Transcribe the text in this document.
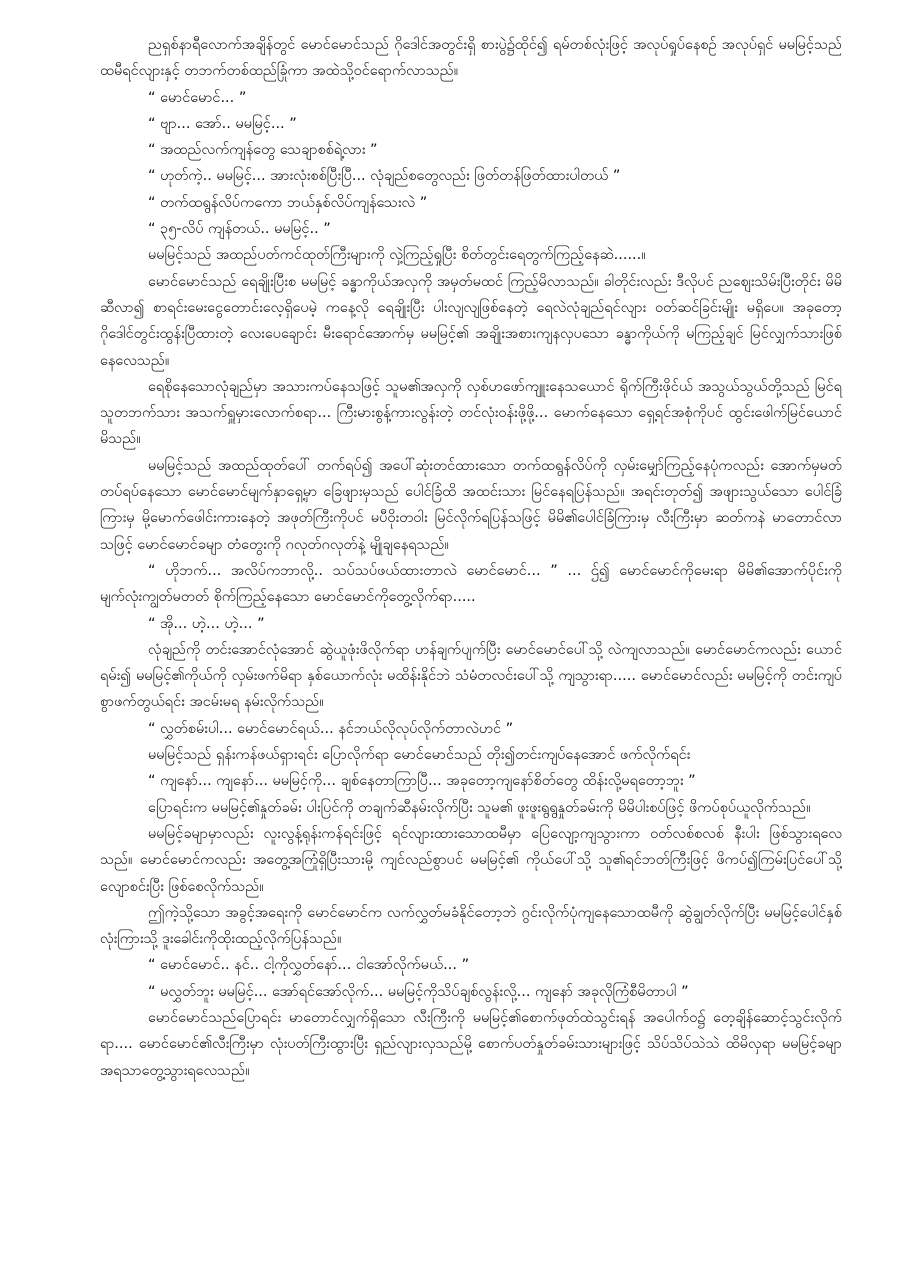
ညရှစ်နာရီလောက်အချိန်တွင် မောင်မောင်သည် ဂိုဒေါင်အတွင်းရှိ စားပွဲ၌ထိုင်၍ ရမ်တစ်လုံးဖြင့် အလုပ်ရှုပ်နေစဉ် အလုပ်ရှင် မမမြင့်သည် ထမီရင်လျားနှင့် တဘက်တစ်ထည်ခြုံကာ အထဲသို့ဝင်ရောက်လာသည်။

“ မောင်မောင်... ”

“ ဗျာ... အော်.. မမမြင့်... ”

“ အထည်လက်ကျန်တွေ သေချာစစ်ရဲ့လား ”

“ ဟုတ်ကဲ့.. မမမြင့်... အားလုံးစစ်ပြီးပြီ... လုံချည်စတွေလည်း ဖြတ်တန်ဖြတ်ထားပါတယ် ”

“ တက်ထရွန်လိပ်ကကော ဘယ်နှစ်လိပ်ကျန်သေးလဲ ”

“ ၃၅-လိပ် ကျန်တယ်.. မမမြင့်.. ”

မမမြင့်သည် အထည်ပတ်ကင်ထုတ်ကြီးများကို လှဲ့ကြည့်ရှုပြီး စိတ်တွင်းရေတွက်ကြည့်နေဆဲ......။

မောင်မောင်သည် ရေချိုးပြီးစ မမမြင့် ခန္ဓာကိုယ်အလှကို အမှတ်မထင် ကြည့်မိလာသည်။ ခါတိုင်းလည်း ဒီလိုပင် ညဈေးသိမ်းပြီးတိုင်း မိမိဆီလာ၍ စာရင်းမေးငွေတောင်းလေ့ရှိပေမဲ့ ကနေ့လို ရေချိုးပြီး ပါးလျလျဖြစ်နေတဲ့ ရေလဲလုံချည်ရင်လျား ဝတ်ဆင်ခြင်းမျိုး မရှိပေ။ အခုတော့ ဂိုဒေါင်တွင်းထွန်းပြီထားတဲ့ လေးပေချောင်း မီးရောင်အောက်မှ မမမြင့်၏ အချိုးအစားကျနလှပသော ခန္ဓာကိုယ်ကို မကြည့်ချင် မြင်လျှက်သားဖြစ်နေလေသည်။

ရေစိုနေသောလုံချည်မှာ အသားကပ်နေသဖြင့် သူမ၏အလှကို လှစ်ဟဖော်ကျူးနေသယောင် ရိုက်ကြီးဖိုင်ယ် အသွယ်သွယ်တို့သည် မြင်ရသူတဘက်သား အသက်ရှူမှားလောက်စရာ... ကြီးမားစွန့်ကားလွန်းတဲ့ တင်လုံးဝန်းဖို့ဖို့... မောက်နေသော ရှေ့ရင်အစုံကိုပင် ထွင်းဖေါက်မြင်ယောင်မိသည်။

မမမြင့်သည် အထည်ထုတ်ပေါ် တက်ရပ်၍ အပေါ်ဆုံးတင်ထားသော တက်ထရွန်လိပ်ကို လှမ်းမျှော်ကြည့်နေပုံကလည်း အောက်မှမတ်တပ်ရပ်နေသော မောင်မောင်မျက်နှာရှေ့မှာ ခြေဖျားမှသည် ပေါင်ခြံထိ အထင်းသား မြင်နေရပြန်သည်။ အရင်းတုတ်၍ အဖျားသွယ်သော ပေါင်ခြံကြားမှ မို့မောက်ဖေါင်းကားနေတဲ့ အဖုတ်ကြီးကိုပင် မပီဝိုးတဝါး မြင်လိုက်ရပြန်သဖြင့် မိမိ၏ပေါင်ခြံကြားမှ လီးကြီးမှာ ဆတ်ကနဲ မာတောင်လာသဖြင့် မောင်မောင်ခမျာ တံတွေးကို ဂလုတ်ဂလုတ်နဲ့ မျိုချနေရသည်။

“ ဟိုဘက်... အလိပ်ကဘာလို့.. သပ်သပ်ဖယ်ထားတာလဲ မောင်မောင်... ” ... ဌ်၍ မောင်မောင်ကိုမေးရာ မိမိ၏အောက်ပိုင်းကို မျက်လုံးကျွတ်မတတ် စိုက်ကြည့်နေသော မောင်မောင်ကိုတွေ့လိုက်ရာ.....

“ အို... ဟဲ့... ဟဲ့... ”

လုံချည်ကို တင်းအောင်လုံအောင် ဆွဲယူဖုံးဖိလိုက်ရာ ဟန်ချက်ပျက်ပြီး မောင်မောင်ပေါ်သို့ လဲကျလာသည်။ မောင်မောင်ကလည်း ယောင်ရမ်း၍ မမမြင့်၏ကိုယ်ကို လှမ်းဖက်မိရာ နှစ်ယောက်လုံး မထိန်းနိုင်ဘဲ သံမံတလင်းပေါ်သို့ ကျသွားရာ..... မောင်မောင်လည်း မမမြင့်ကို တင်းကျပ်စွာဖက်တွယ်ရင်း အငမ်းမရ နမ်းလိုက်သည်။

“ လွှတ်စမ်းပါ... မောင်မောင်ရယ်... နင်ဘယ်လိုလုပ်လိုက်တာလဲဟင် ”

မမမြင့်သည် ရှန်းကန်ဖယ်ရှားရင်း ပြောလိုက်ရာ မောင်မောင်သည် တိုး၍တင်းကျပ်နေအောင် ဖက်လိုက်ရင်း

“ ကျနော်... ကျနော်... မမမြင့်ကို... ချစ်နေတာကြာပြီ... အခုတော့ကျနော်စိတ်တွေ ထိန်းလို့မရတော့ဘူး ”

ပြောရင်းက မမမြင့်၏နှုတ်ခမ်း ပါးပြင်ကို တချက်ဆီနမ်းလိုက်ပြီး သူမ၏ ဖူးဖူးရွရွနှုတ်ခမ်းကို မိမိပါးစပ်ဖြင့် ဖိကပ်စုပ်ယူလိုက်သည်။

မမမြင့်ခမျာမှာလည်း လူးလွန့်ရုန်းကန်ရင်းဖြင့် ရင်လျားထားသောထမီမှာ ပြေလျော့ကျသွားကာ ဝတ်လစ်စလစ် နီးပါး ဖြစ်သွားရလေသည်။ မောင်မောင်ကလည်း အတွေ့အကြုံရှိပြီးသားမို့ ကျင်လည်စွာပင် မမမြင့်၏ ကိုယ်ပေါ်သို့ သူ၏ရင်ဘတ်ကြီးဖြင့် ဖိကပ်၍ကြမ်းပြင်ပေါ်သို့ လျောစင်းပြီး ဖြစ်စေလိုက်သည်။

ဤကဲ့သို့သော အခွင့်အရေးကို မောင်မောင်က လက်လွှတ်မခံနိုင်တော့ဘဲ ဂွင်းလိုက်ပုံကျနေသောထမီကို ဆွဲချွတ်လိုက်ပြီး မမမြင့်ပေါင်နှစ်လုံးကြားသို့ ဒူးခေါင်းကိုထိုးထည့်လိုက်ပြန်သည်။

“ မောင်မောင်.. နင်.. ငါ့ကိုလွှတ်နော်... ငါအော်လိုက်မယ်... ”

“ မလွှတ်ဘူး မမမြင့်... အော်ရင်အော်လိုက်... မမမြင့်ကိုသိပ်ချစ်လွန်းလို့... ကျနော် အခုလိုကြံစီမိတာပါ ”

မောင်မောင်သည်ပြောရင်း မာတောင်လျှက်ရှိသော လီးကြီးကို မမမြင့်၏စောက်ဖုတ်ထဲသွင်းရန် အပေါက်ဝ၌ တေ့ချိန်ဆောင့်သွင်းလိုက်ရာ.... မောင်မောင်၏လီးကြီးမှာ လုံးပတ်ကြီးထွားပြီး ရှည်လျားလှသည်မို့ စောက်ပတ်နှုတ်ခမ်းသားများဖြင့် သိပ်သိပ်သဲသဲ ထိမိလှရာ မမမြင့်ခမျာ အရသာတွေ့သွားရလေသည်။
